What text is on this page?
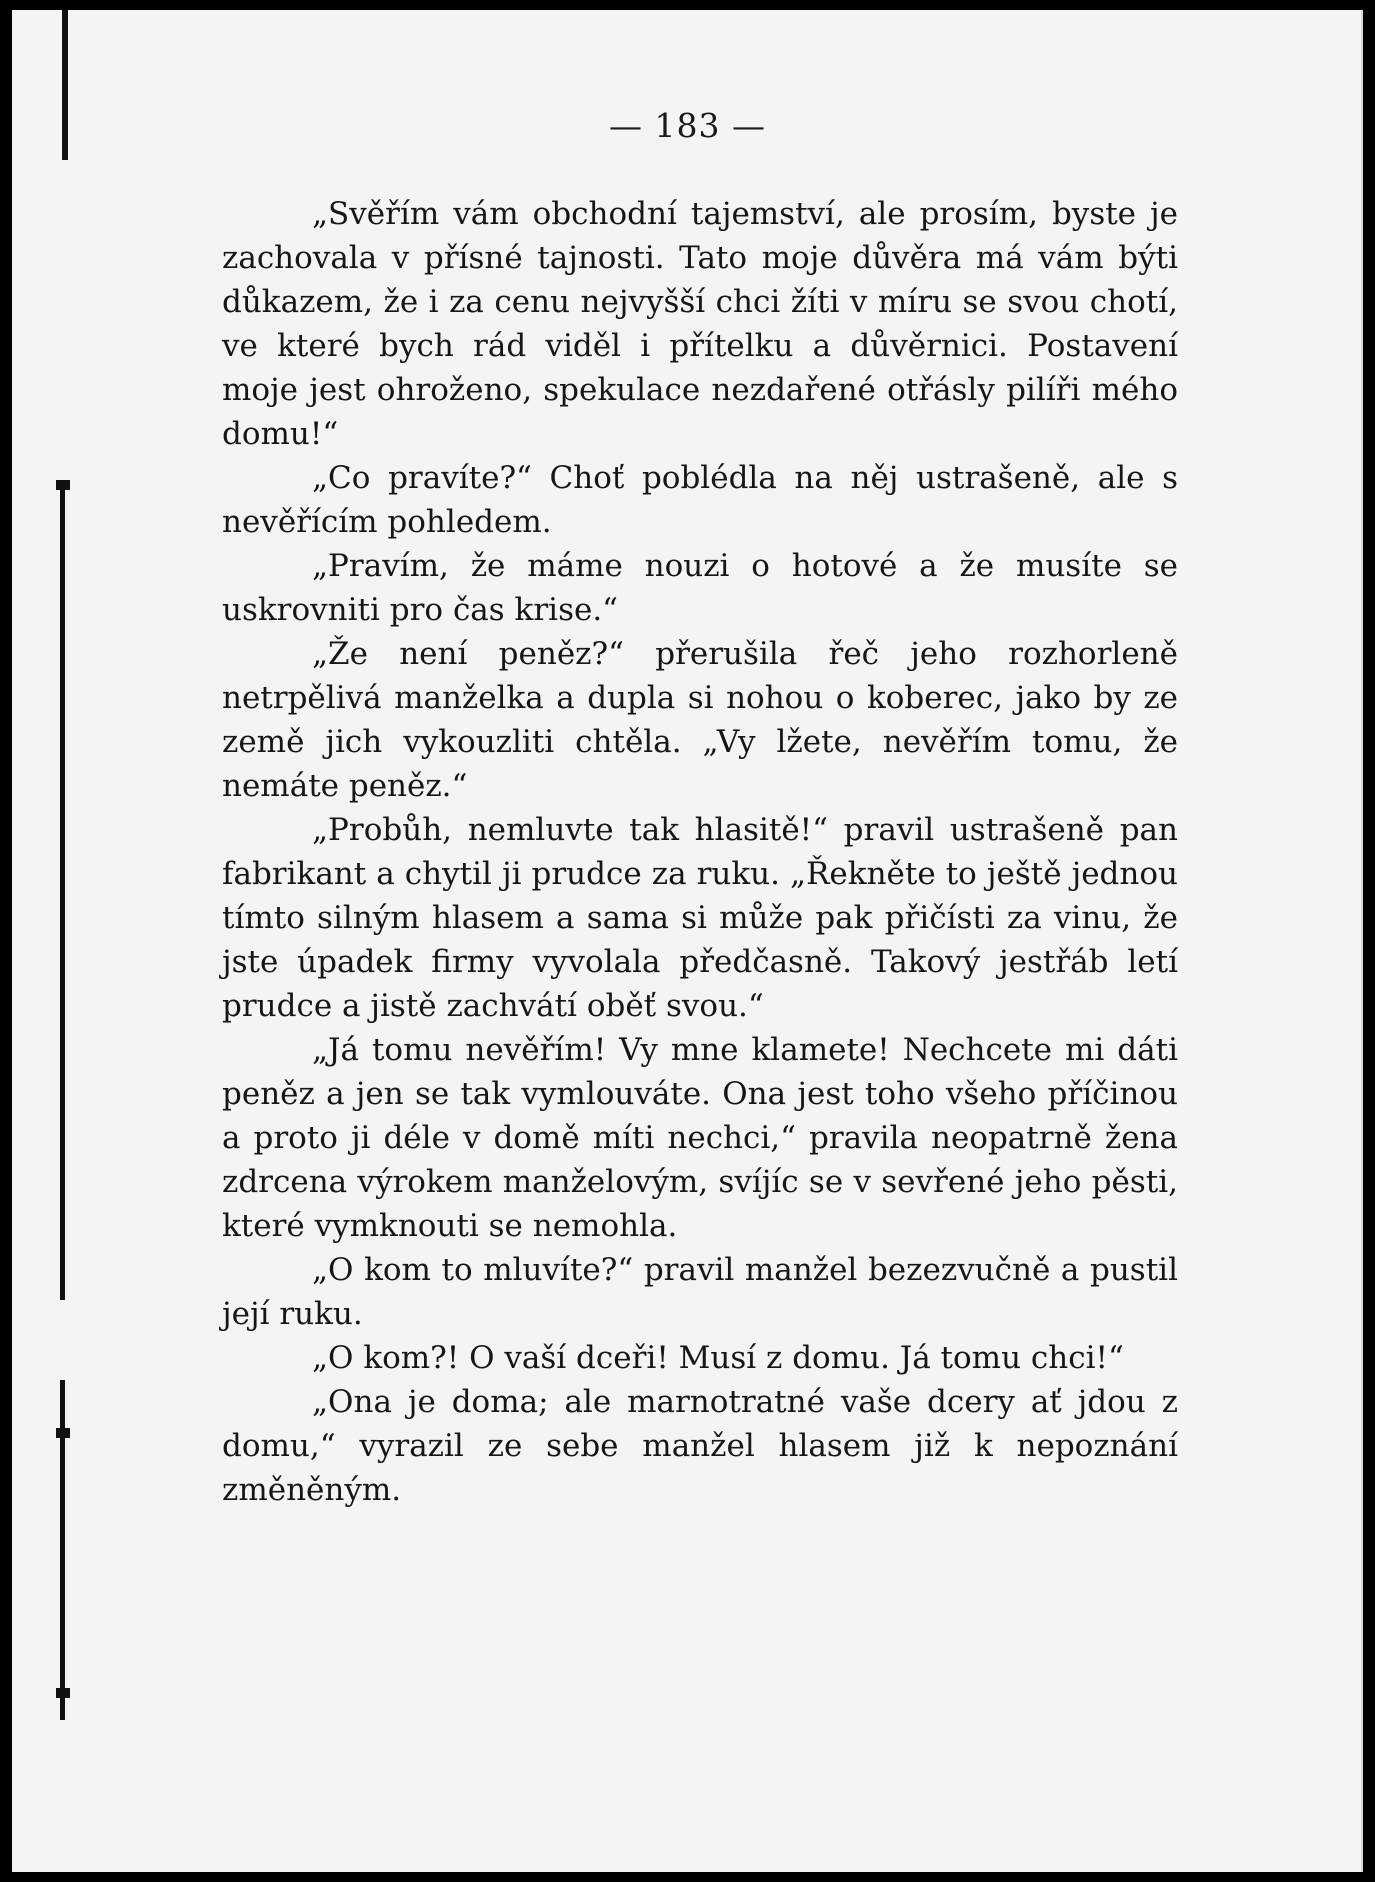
— 183 —

„Svěřím vám obchodní tajemství, ale prosím, byste je zachovala v přísné tajnosti. Tato moje důvěra má vám býti důkazem, že i za cenu nejvyšší chci žíti v míru se svou chotí, ve které bych rád viděl i přítelku a důvěrnici. Postavení moje jest ohroženo, spekulace nezdařené otřásly pilíři mého domu!“

„Co pravíte?“ Choť poblédla na něj ustrašeně, ale s nevěřícím pohledem.

„Pravím, že máme nouzi o hotové a že musíte se uskrovniti pro čas krise.“

„Že není peněz?“ přerušila řeč jeho rozhorleně netrpělivá manželka a dupla si nohou o koberec, jako by ze země jich vykouzliti chtěla. „Vy lžete, nevěřím tomu, že nemáte peněz.“

„Probůh, nemluvte tak hlasitě!“ pravil ustrašeně pan fabrikant a chytil ji prudce za ruku. „Řekněte to ještě jednou tímto silným hlasem a sama si může pak přičísti za vinu, že jste úpadek firmy vyvolala předčasně. Takový jestřáb letí prudce a jistě zachvátí oběť svou.“

„Já tomu nevěřím! Vy mne klamete! Nechcete mi dáti peněz a jen se tak vymlouváte. Ona jest toho všeho příčinou a proto ji déle v domě míti nechci,“ pravila neopatrně žena zdrcena výrokem manželovým, svíjíc se v sevřené jeho pěsti, které vymknouti se nemohla.

„O kom to mluvíte?“ pravil manžel bezezvučně a pustil její ruku.

„O kom?! O vaší dceři! Musí z domu. Já tomu chci!“

„Ona je doma; ale marnotratné vaše dcery ať jdou z domu,“ vyrazil ze sebe manžel hlasem již k nepoznání změněným.
